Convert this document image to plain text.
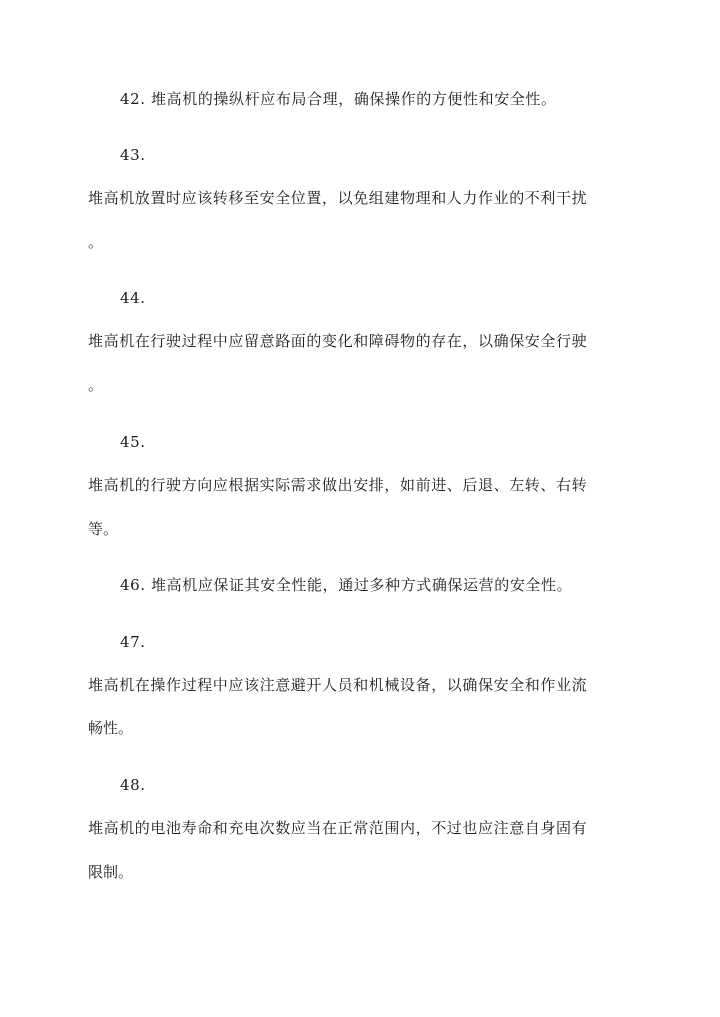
42. 堆高机的操纵杆应布局合理，确保操作的方便性和安全性。
43.
堆高机放置时应该转移至安全位置，以免组建物理和人力作业的不利干扰
。
44.
堆高机在行驶过程中应留意路面的变化和障碍物的存在，以确保安全行驶
。
45.
堆高机的行驶方向应根据实际需求做出安排，如前进、后退、左转、右转
等。
46. 堆高机应保证其安全性能，通过多种方式确保运营的安全性。
47.
堆高机在操作过程中应该注意避开人员和机械设备，以确保安全和作业流
畅性。
48.
堆高机的电池寿命和充电次数应当在正常范围内，不过也应注意自身固有
限制。
